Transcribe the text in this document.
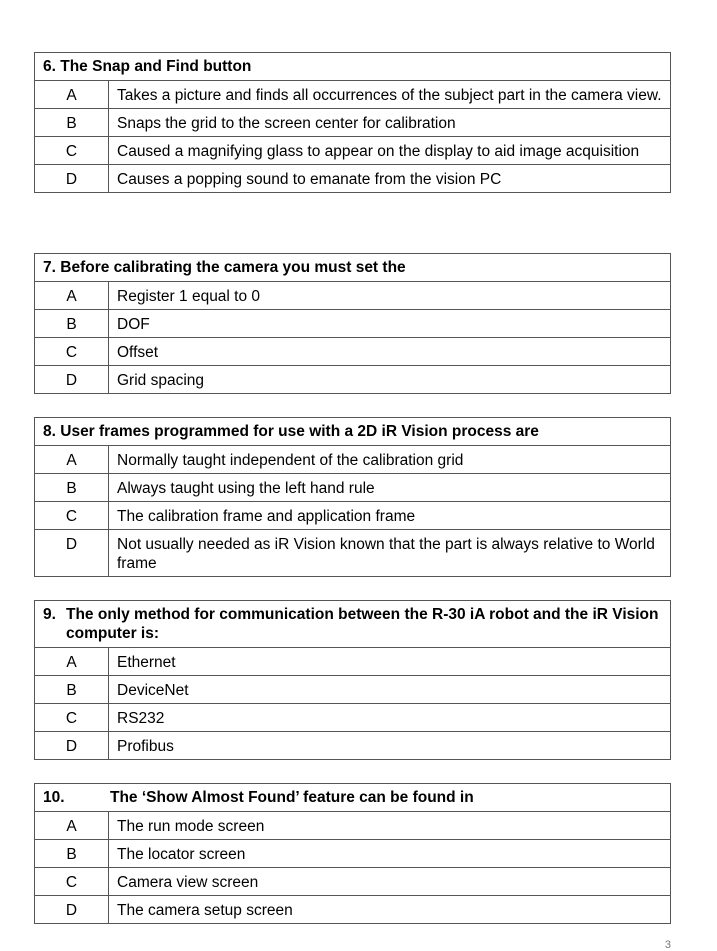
6. The Snap and Find button	
A	Takes a picture and finds all occurrences of the subject part in the camera view.
B	Snaps the grid to the screen center for calibration
C	Caused a magnifying glass to appear on the display to aid image acquisition
D	Causes a popping sound to emanate from the vision PC
7. Before calibrating the camera you must set the	
A	Register 1 equal to 0
B	DOF
C	Offset
D	Grid spacing
8. User frames programmed for use with a 2D iR Vision process are	
A	Normally taught independent of the calibration grid
B	Always taught using the left hand rule
C	The calibration frame and application frame
D	Not usually needed as iR Vision known that the part is always relative to World frame
9. The only method for communication between the R-30 iA robot and the iR Vision computer is:	
A	Ethernet
B	DeviceNet
C	RS232
D	Profibus
10. The ‘Show Almost Found’ feature can be found in	
A	The run mode screen
B	The locator screen
C	Camera view screen
D	The camera setup screen
3
